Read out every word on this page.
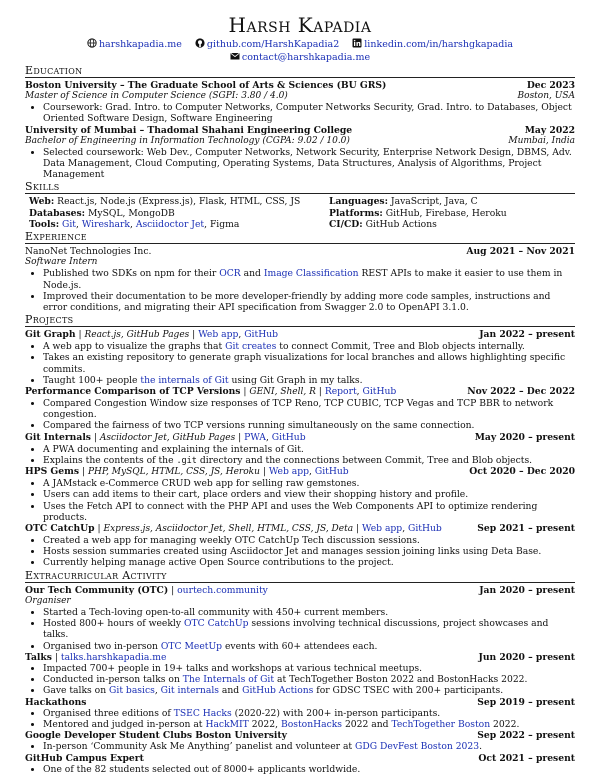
Harsh Kapadia
harshkapadia.me	github.com/HarshKapadia2	linkedin.com/in/harshgkapadia contact@harshkapadia.me
Education
Boston University – The Graduate School of Arts & Sciences (BU GRS)	Dec 2023
Master of Science in Computer Science (SGPI: 3.80 / 4.0)	Boston, USA
• Coursework: Grad. Intro. to Computer Networks, Computer Networks Security, Grad. Intro. to Databases, Object Oriented Software Design, Software Engineering
University of Mumbai – Thadomal Shahani Engineering College	May 2022
Bachelor of Engineering in Information Technology (CGPA: 9.02 / 10.0)	Mumbai, India
• Selected coursework: Web Dev., Computer Networks, Network Security, Enterprise Network Design, DBMS, Adv. Data Management, Cloud Computing, Operating Systems, Data Structures, Analysis of Algorithms, Project Management
Skills
Web: React.js, Node.js (Express.js), Flask, HTML, CSS, JS	Languages: JavaScript, Java, C
Databases: MySQL, MongoDB	Platforms: GitHub, Firebase, Heroku
Tools: Git, Wireshark, Asciidoctor Jet, Figma	CI/CD: GitHub Actions
Experience
NanoNet Technologies Inc.	Aug 2021 – Nov 2021
Software Intern
• Published two SDKs on npm for their OCR and Image Classification REST APIs to make it easier to use them in Node.js.
• Improved their documentation to be more developer-friendly by adding more code samples, instructions and error conditions, and migrating their API specification from Swagger 2.0 to OpenAPI 3.1.0.
Projects
Git Graph | React.js, GitHub Pages | Web app, GitHub	Jan 2022 – present
• A web app to visualize the graphs that Git creates to connect Commit, Tree and Blob objects internally.
• Takes an existing repository to generate graph visualizations for local branches and allows highlighting specific commits.
• Taught 100+ people the internals of Git using Git Graph in my talks.
Performance Comparison of TCP Versions | GENI, Shell, R | Report, GitHub	Nov 2022 – Dec 2022
• Compared Congestion Window size responses of TCP Reno, TCP CUBIC, TCP Vegas and TCP BBR to network congestion.
• Compared the fairness of two TCP versions running simultaneously on the same connection.
Git Internals | Asciidoctor Jet, GitHub Pages | PWA, GitHub	May 2020 – present
• A PWA documenting and explaining the internals of Git.
• Explains the contents of the .git directory and the connections between Commit, Tree and Blob objects.
HPS Gems | PHP, MySQL, HTML, CSS, JS, Heroku | Web app, GitHub	Oct 2020 – Dec 2020
• A JAMstack e-Commerce CRUD web app for selling raw gemstones.
• Users can add items to their cart, place orders and view their shopping history and profile.
• Uses the Fetch API to connect with the PHP API and uses the Web Components API to optimize rendering products.
OTC CatchUp | Express.js, Asciidoctor Jet, Shell, HTML, CSS, JS, Deta | Web app, GitHub	Sep 2021 – present
• Created a web app for managing weekly OTC CatchUp Tech discussion sessions.
• Hosts session summaries created using Asciidoctor Jet and manages session joining links using Deta Base.
• Currently helping manage active Open Source contributions to the project.
Extracurricular Activity
Our Tech Community (OTC) | ourtech.community	Jan 2020 – present
Organiser
• Started a Tech-loving open-to-all community with 450+ current members.
• Hosted 800+ hours of weekly OTC CatchUp sessions involving technical discussions, project showcases and talks.
• Organised two in-person OTC MeetUp events with 60+ attendees each.
Talks | talks.harshkapadia.me	Jun 2020 – present
• Impacted 700+ people in 19+ talks and workshops at various technical meetups.
• Conducted in-person talks on The Internals of Git at TechTogether Boston 2022 and BostonHacks 2022.
• Gave talks on Git basics, Git internals and GitHub Actions for GDSC TSEC with 200+ participants.
Hackathons	Sep 2019 – present
• Organised three editions of TSEC Hacks (2020-22) with 200+ in-person participants.
• Mentored and judged in-person at HackMIT 2022, BostonHacks 2022 and TechTogether Boston 2022.
Google Developer Student Clubs Boston University	Sep 2022 – present
• In-person ‘Community Ask Me Anything’ panelist and volunteer at GDG DevFest Boston 2023.
GitHub Campus Expert	Oct 2021 – present
• One of the 82 students selected out of 8000+ applicants worldwide.
